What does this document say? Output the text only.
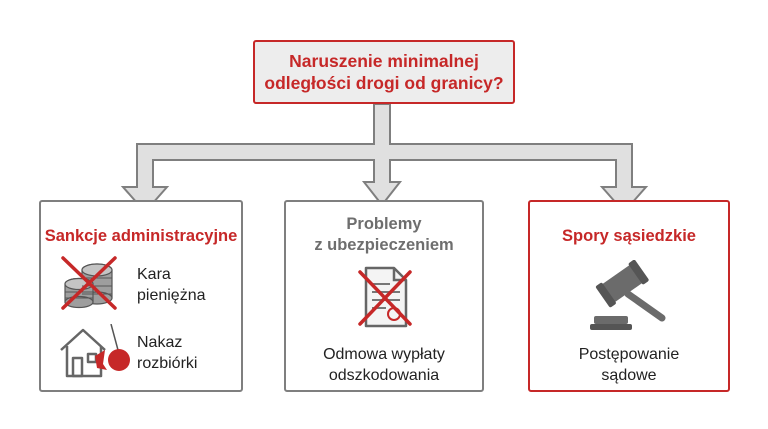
Naruszenie minimalnej
odległości drogi od granicy?
Sankcje administracyjne
Kara
pieniężna
Nakaz
rozbiórki
Problemy
z ubezpieczeniem
Odmowa wypłaty
odszkodowania
Spory sąsiedzkie
Postępowanie
sądowe
